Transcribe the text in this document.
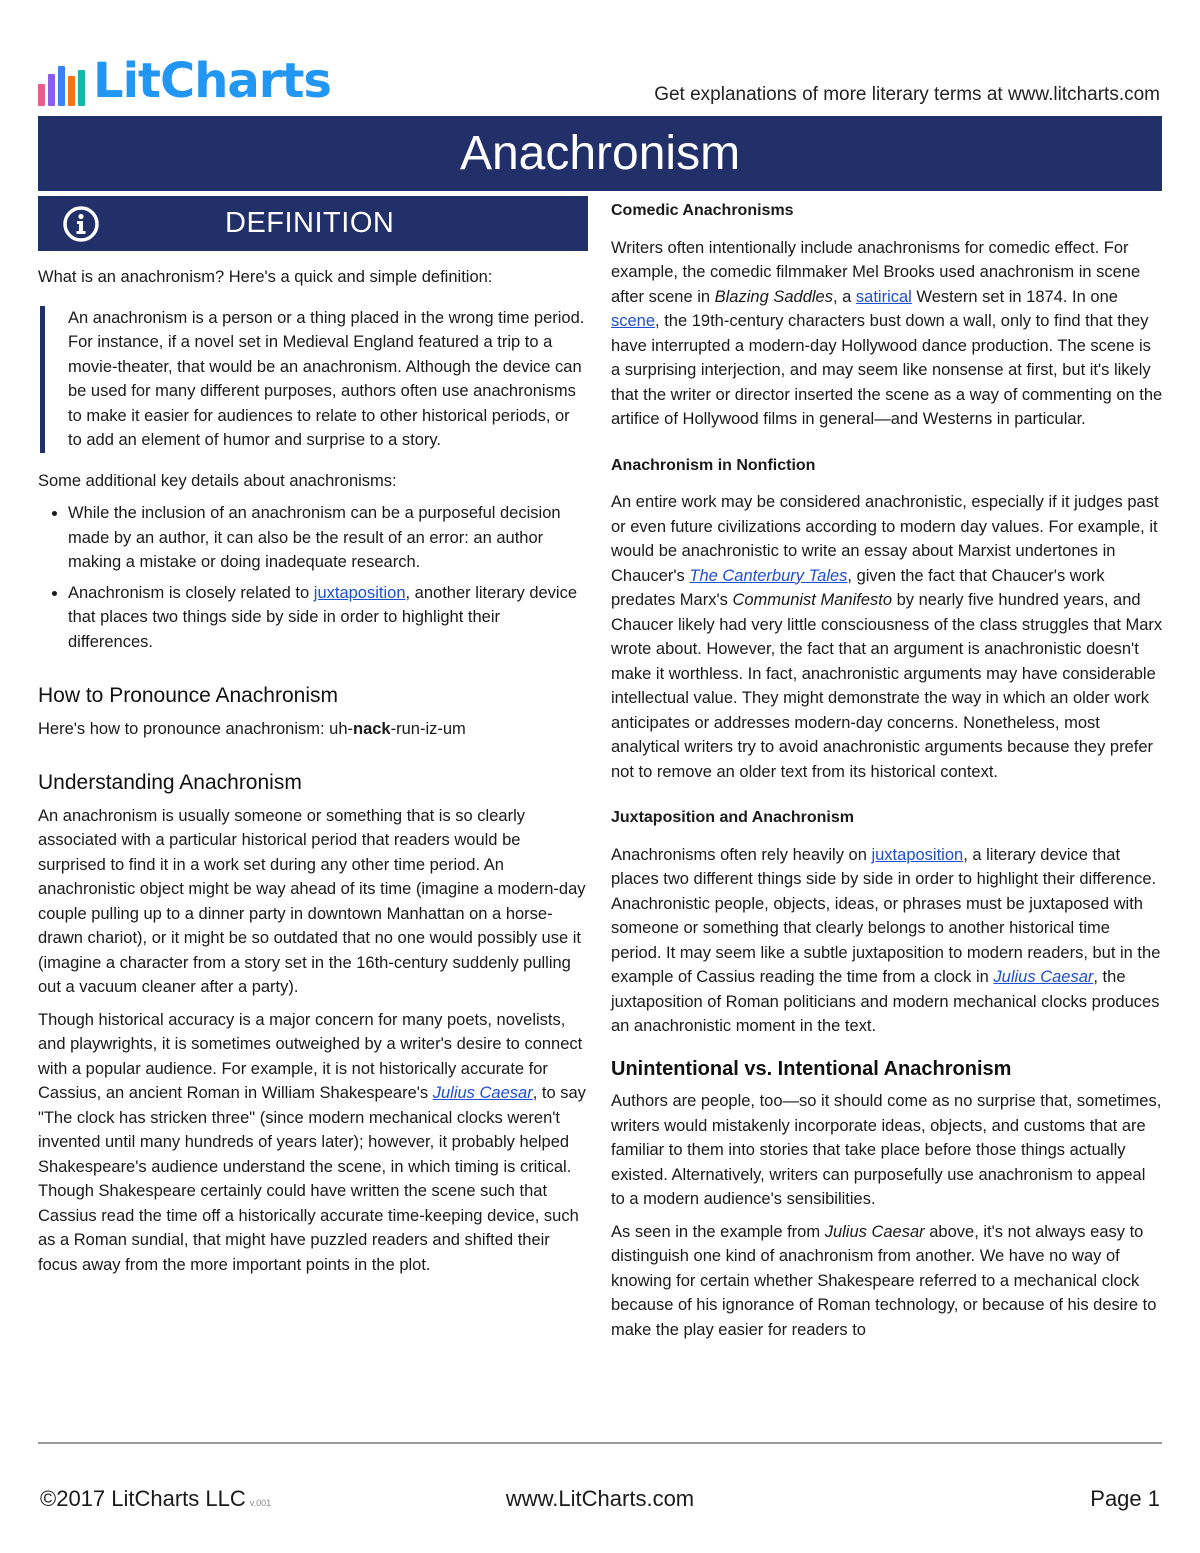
LitCharts	Get explanations of more literary terms at www.litcharts.com
Anachronism
DEFINITION

What is an anachronism? Here's a quick and simple definition:

An anachronism is a person or a thing placed in the wrong time period. For instance, if a novel set in Medieval England featured a trip to a movie-theater, that would be an anachronism. Although the device can be used for many different purposes, authors often use anachronisms to make it easier for audiences to relate to other historical periods, or to add an element of humor and surprise to a story.

Some additional key details about anachronisms:

• While the inclusion of an anachronism can be a purposeful decision made by an author, it can also be the result of an error: an author making a mistake or doing inadequate research.
• Anachronism is closely related to juxtaposition, another literary device that places two things side by side in order to highlight their differences.
How to Pronounce Anachronism

Here's how to pronounce anachronism: uh-nack-run-iz-um

Understanding Anachronism

An anachronism is usually someone or something that is so clearly associated with a particular historical period that readers would be surprised to find it in a work set during any other time period. An anachronistic object might be way ahead of its time (imagine a modern-day couple pulling up to a dinner party in downtown Manhattan on a horse-drawn chariot), or it might be so outdated that no one would possibly use it (imagine a character from a story set in the 16th-century suddenly pulling out a vacuum cleaner after a party).

Though historical accuracy is a major concern for many poets, novelists, and playwrights, it is sometimes outweighed by a writer's desire to connect with a popular audience. For example, it is not historically accurate for Cassius, an ancient Roman in William Shakespeare's Julius Caesar, to say "The clock has stricken three" (since modern mechanical clocks weren't invented until many hundreds of years later); however, it probably helped Shakespeare's audience understand the scene, in which timing is critical. Though Shakespeare certainly could have written the scene such that Cassius read the time off a historically accurate time-keeping device, such as a Roman sundial, that might have puzzled readers and shifted their focus away from the more important points in the plot.

Comedic Anachronisms

Writers often intentionally include anachronisms for comedic effect. For example, the comedic filmmaker Mel Brooks used anachronism in scene after scene in Blazing Saddles, a satirical Western set in 1874. In one scene, the 19th-century characters bust down a wall, only to find that they have interrupted a modern-day Hollywood dance production. The scene is a surprising interjection, and may seem like nonsense at first, but it's likely that the writer or director inserted the scene as a way of commenting on the artifice of Hollywood films in general—and Westerns in particular.

Anachronism in Nonfiction

An entire work may be considered anachronistic, especially if it judges past or even future civilizations according to modern day values. For example, it would be anachronistic to write an essay about Marxist undertones in Chaucer's The Canterbury Tales, given the fact that Chaucer's work predates Marx's Communist Manifesto by nearly five hundred years, and Chaucer likely had very little consciousness of the class struggles that Marx wrote about. However, the fact that an argument is anachronistic doesn't make it worthless. In fact, anachronistic arguments may have considerable intellectual value. They might demonstrate the way in which an older work anticipates or addresses modern-day concerns. Nonetheless, most analytical writers try to avoid anachronistic arguments because they prefer not to remove an older text from its historical context.

Juxtaposition and Anachronism

Anachronisms often rely heavily on juxtaposition, a literary device that places two different things side by side in order to highlight their difference. Anachronistic people, objects, ideas, or phrases must be juxtaposed with someone or something that clearly belongs to another historical time period. It may seem like a subtle juxtaposition to modern readers, but in the example of Cassius reading the time from a clock in Julius Caesar, the juxtaposition of Roman politicians and modern mechanical clocks produces an anachronistic moment in the text.

Unintentional vs. Intentional Anachronism

Authors are people, too—so it should come as no surprise that, sometimes, writers would mistakenly incorporate ideas, objects, and customs that are familiar to them into stories that take place before those things actually existed. Alternatively, writers can purposefully use anachronism to appeal to a modern audience's sensibilities.

As seen in the example from Julius Caesar above, it's not always easy to distinguish one kind of anachronism from another. We have no way of knowing for certain whether Shakespeare referred to a mechanical clock because of his ignorance of Roman technology, or because of his desire to make the play easier for readers to

©2017 LitCharts LLC v.001	www.LitCharts.com	Page 1
